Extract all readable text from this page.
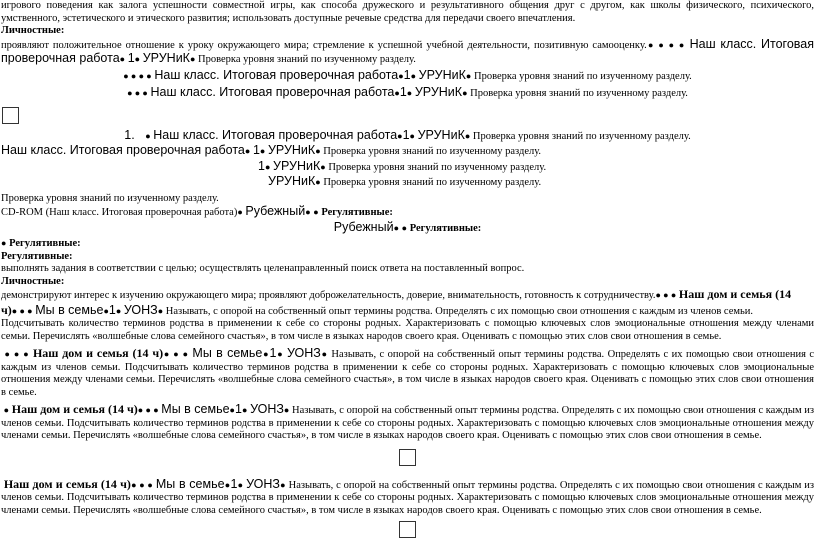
игрового поведения как залога успешности совместной игры, как способа дружеского и результативного общения друг с другом, как школы физического, психического, умственного, эстетического и этического развития; использовать доступные речевые средства для передачи своего впечатления.

Личностные:

проявляют положительное отношение к уроку окружающего мира; стремление к успешной учебной деятельности, позитивную самооценку.● ● ● ● Наш класс. Итоговая проверочная работа● 1● УРУНиК● Проверка уровня знаний по изученному разделу.

● ● ● ● Наш класс. Итоговая проверочная работа●1● УРУНиК● Проверка уровня знаний по изученному разделу.

● ● ● Наш класс. Итоговая проверочная работа●1● УРУНиК● Проверка уровня знаний по изученному разделу.

1. ● Наш класс. Итоговая проверочная работа●1● УРУНиК● Проверка уровня знаний по изученному разделу.

Наш класс. Итоговая проверочная работа● 1● УРУНиК● Проверка уровня знаний по изученному разделу.

1● УРУНиК● Проверка уровня знаний по изученному разделу.

УРУНиК● Проверка уровня знаний по изученному разделу.

Проверка уровня знаний по изученному разделу.

CD-ROM (Наш класс. Итоговая проверочная работа)● Рубежный● ● Регулятивные:

Рубежный● ● Регулятивные:

● Регулятивные:

Регулятивные:

выполнять задания в соответствии с целью; осуществлять целенаправленный поиск ответа на поставленный вопрос.

Личностные:

демонстрируют интерес к изучению окружающего мира; проявляют доброжелательность, доверие, внимательность, готовность к сотрудничеству.● ● ● Наш дом и семья (14

ч)● ● ● Мы в семье●1● УОНЗ● Называть, с опорой на собственный опыт термины родства. Определять с их помощью свои отношения с каждым из членов семьи.

Подсчитывать количество терминов родства в применении к себе со стороны родных. Характеризовать с помощью ключевых слов эмоциональные отношения между членами семьи. Перечислять «волшебные слова семейного счастья», в том числе в языках народов своего края. Оценивать с помощью этих слов свои отношения в семье.

● ● ● Наш дом и семья (14 ч)● ● ● Мы в семье●1● УОНЗ● Называть, с опорой на собственный опыт термины родства. Определять с их помощью свои отношения с каждым из членов семьи. Подсчитывать количество терминов родства в применении к себе со стороны родных. Характеризовать с помощью ключевых слов эмоциональные отношения между членами семьи. Перечислять «волшебные слова семейного счастья», в том числе в языках народов своего края. Оценивать с помощью этих слов свои отношения в семье.

● Наш дом и семья (14 ч)● ● ● Мы в семье●1● УОНЗ● Называть, с опорой на собственный опыт термины родства. Определять с их помощью свои отношения с каждым из членов семьи. Подсчитывать количество терминов родства в применении к себе со стороны родных. Характеризовать с помощью ключевых слов эмоциональные отношения между членами семьи. Перечислять «волшебные слова семейного счастья», в том числе в языках народов своего края. Оценивать с помощью этих слов свои отношения в семье.

Наш дом и семья (14 ч)● ● ● Мы в семье●1● УОНЗ● Называть, с опорой на собственный опыт термины родства. Определять с их помощью свои отношения с каждым из членов семьи. Подсчитывать количество терминов родства в применении к себе со стороны родных. Характеризовать с помощью ключевых слов эмоциональные отношения между членами семьи. Перечислять «волшебные слова семейного счастья», в том числе в языках народов своего края. Оценивать с помощью этих слов свои отношения в семье.
